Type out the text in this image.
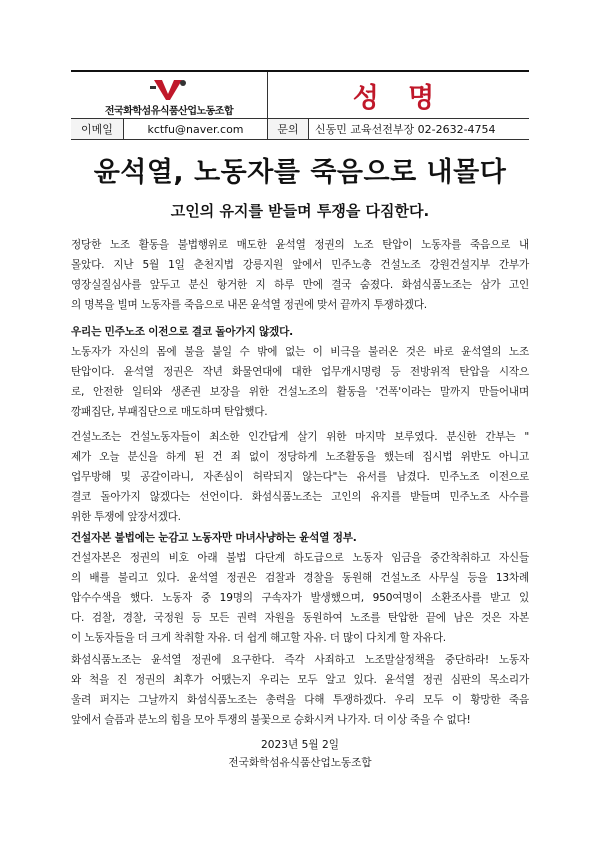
전국화학섬유식품산업노동조합	성 명
이메일	kctfu@naver.com	문의	신동민 교육선전부장 02-2632-4754
윤석열, 노동자를 죽음으로 내몰다
고인의 유지를 받들며 투쟁을 다짐한다.
정당한 노조 활동을 불법행위로 매도한 윤석열 정권의 노조 탄압이 노동자를 죽음으로 내
몰았다. 지난 5월 1일 춘천지법 강릉지원 앞에서 민주노총 건설노조 강원건설지부 간부가
영장실질심사를 앞두고 분신 항거한 지 하루 만에 결국 숨졌다. 화섬식품노조는 삼가 고인
의 명복을 빌며 노동자를 죽음으로 내몬 윤석열 정권에 맞서 끝까지 투쟁하겠다.
우리는 민주노조 이전으로 결코 돌아가지 않겠다.
노동자가 자신의 몸에 불을 붙일 수 밖에 없는 이 비극을 불러온 것은 바로 윤석열의 노조
탄압이다. 윤석열 정권은 작년 화물연대에 대한 업무개시명령 등 전방위적 탄압을 시작으
로, 안전한 일터와 생존권 보장을 위한 건설노조의 활동을 '건폭'이라는 말까지 만들어내며
깡패집단, 부패집단으로 매도하며 탄압했다.
건설노조는 건설노동자들이 최소한 인간답게 살기 위한 마지막 보루였다. 분신한 간부는 "
제가 오늘 분신을 하게 된 건 죄 없이 정당하게 노조활동을 했는데 집시법 위반도 아니고
업무방해 및 공갈이라니, 자존심이 허락되지 않는다"는 유서를 남겼다. 민주노조 이전으로
결코 돌아가지 않겠다는 선언이다. 화섬식품노조는 고인의 유지를 받들며 민주노조 사수를
위한 투쟁에 앞장서겠다.
건설자본 불법에는 눈감고 노동자만 마녀사냥하는 윤석열 정부.
건설자본은 정권의 비호 아래 불법 다단계 하도급으로 노동자 임금을 중간착취하고 자신들
의 배를 불리고 있다. 윤석열 정권은 검찰과 경찰을 동원해 건설노조 사무실 등을 13차례
압수수색을 했다. 노동자 중 19명의 구속자가 발생했으며, 950여명이 소환조사를 받고 있
다. 검찰, 경찰, 국정원 등 모든 권력 자원을 동원하여 노조를 탄압한 끝에 남은 것은 자본
이 노동자들을 더 크게 착취할 자유. 더 쉽게 해고할 자유. 더 많이 다치게 할 자유다.
화섬식품노조는 윤석열 정권에 요구한다. 즉각 사죄하고 노조말살정책을 중단하라! 노동자
와 척을 진 정권의 최후가 어땠는지 우리는 모두 알고 있다. 윤석열 정권 심판의 목소리가
울려 퍼지는 그날까지 화섬식품노조는 총력을 다해 투쟁하겠다. 우리 모두 이 황망한 죽음
앞에서 슬픔과 분노의 힘을 모아 투쟁의 불꽃으로 승화시켜 나가자. 더 이상 죽을 수 없다!
2023년 5월 2일
전국화학섬유식품산업노동조합
